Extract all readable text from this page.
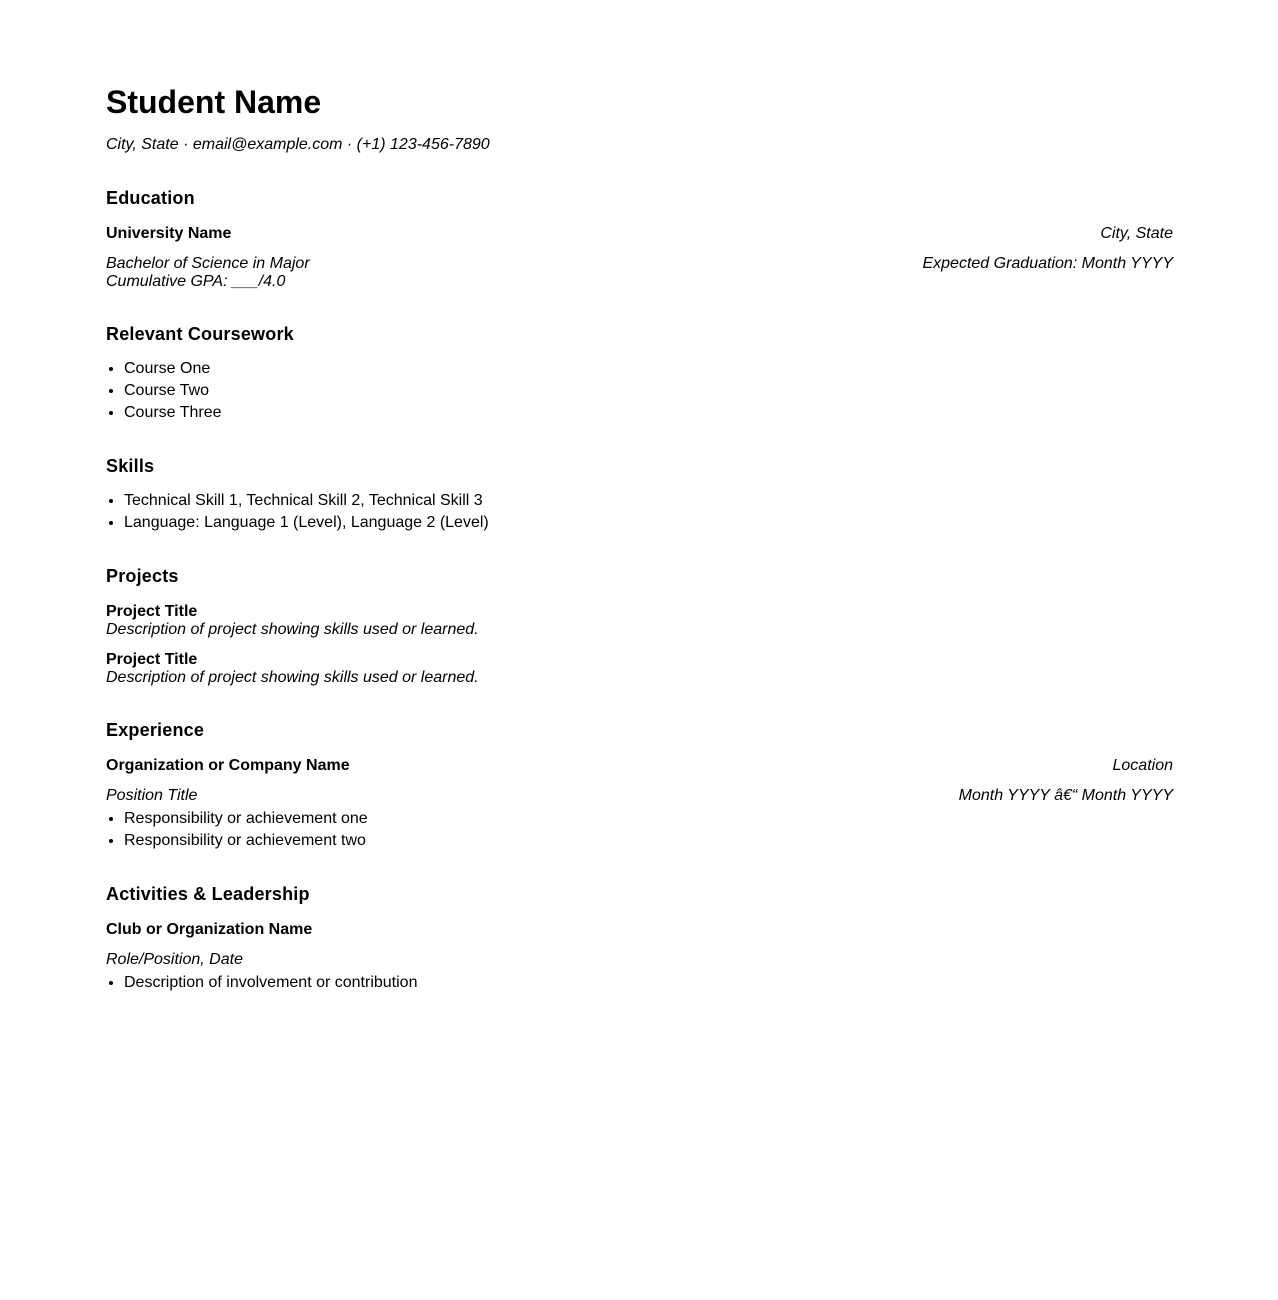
Student Name
City, State · email@example.com · (+1) 123-456-7890
Education
University Name	City, State
Bachelor of Science in Major	Expected Graduation: Month YYYY
Cumulative GPA: ___/4.0
Relevant Coursework
• Course One
• Course Two
• Course Three
Skills
• Technical Skill 1, Technical Skill 2, Technical Skill 3
• Language: Language 1 (Level), Language 2 (Level)
Projects
Project Title
Description of project showing skills used or learned.
Project Title
Description of project showing skills used or learned.
Experience
Organization or Company Name	Location
Position Title	Month YYYY â€“ Month YYYY
• Responsibility or achievement one
• Responsibility or achievement two
Activities & Leadership
Club or Organization Name
Role/Position, Date
• Description of involvement or contribution
